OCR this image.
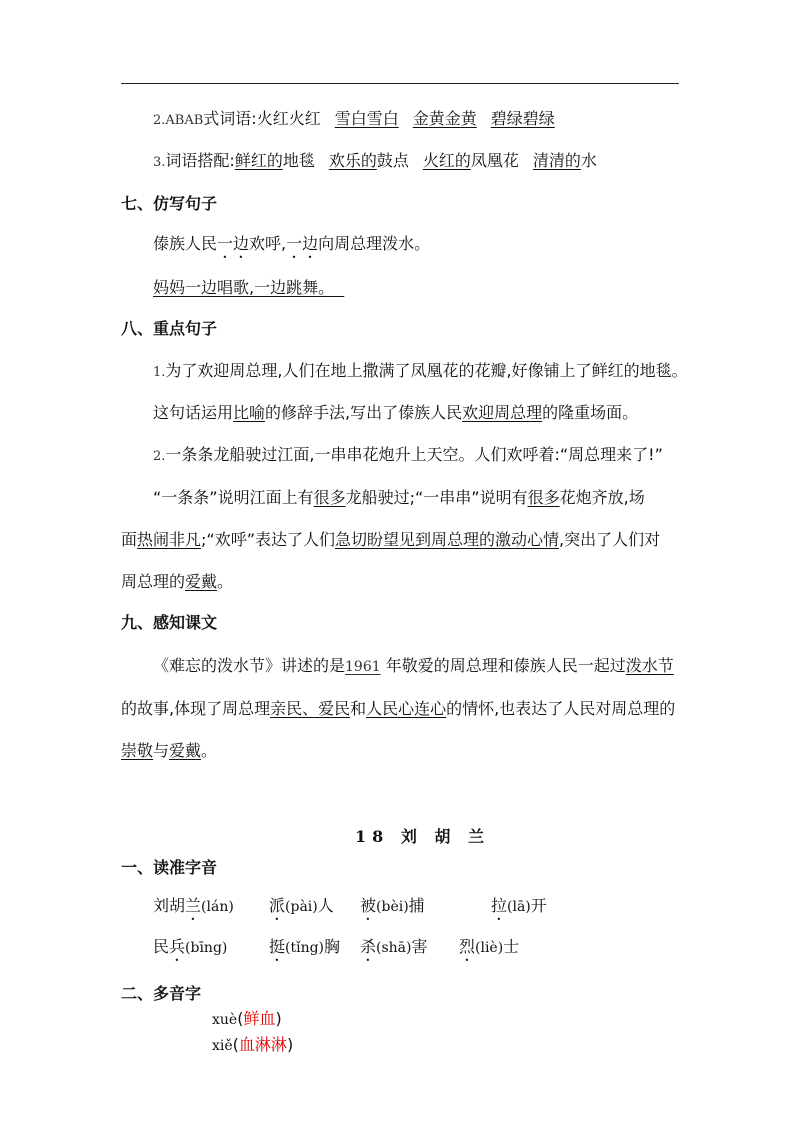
2.ABAB式词语:火红火红 雪白雪白 金黄金黄 碧绿碧绿
3.词语搭配:鲜红的地毯 欢乐的鼓点 火红的凤凰花 清清的水
七、仿写句子
傣族人民一边欢呼,一边向周总理泼水。
妈妈一边唱歌,一边跳舞。
八、重点句子
1.为了欢迎周总理,人们在地上撒满了凤凰花的花瓣,好像铺上了鲜红的地毯。
这句话运用比喻的修辞手法,写出了傣族人民欢迎周总理的隆重场面。
2.一条条龙船驶过江面,一串串花炮升上天空。人们欢呼着:“周总理来了!”
“一条条”说明江面上有很多龙船驶过;“一串串”说明有很多花炮齐放,场
面热闹非凡;“欢呼”表达了人们急切盼望见到周总理的激动心情,突出了人们对
周总理的爱戴。
九、感知课文
《难忘的泼水节》讲述的是1961 年敬爱的周总理和傣族人民一起过泼水节
的故事,体现了周总理亲民、爱民和人民心连心的情怀,也表达了人民对周总理的
崇敬与爱戴。
18 刘 胡 兰
一、读准字音
刘胡兰(lán) 派(pài)人 被(bèi)捕	拉(lā)开
民兵(bīng)	挺(tǐng)胸 杀(shā)害 烈(liè)士
二、多音字
xuè(鲜血)
xiě(血淋淋)
